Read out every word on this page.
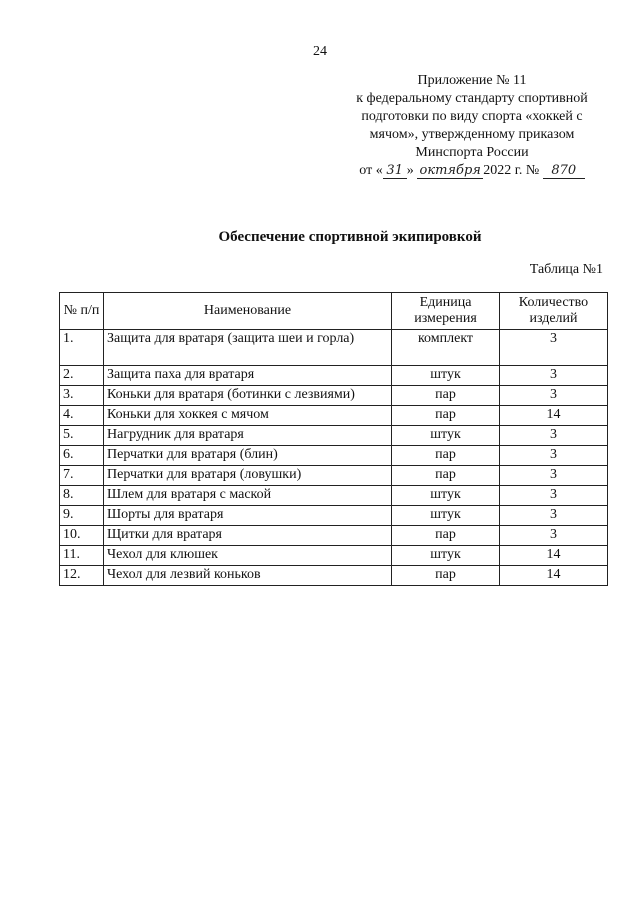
24
Приложение № 11
к федеральному стандарту спортивной
подготовки по виду спорта «хоккей с
мячом», утвержденному приказом
Минспорта России
от « 31 » октября 2022 г. № 870
Обеспечение спортивной экипировкой
Таблица №1
№ п/п	Наименование	Единица измерения	Количество изделий
1.	Защита для вратаря (защита шеи и горла)	комплект	3
2.	Защита паха для вратаря	штук	3
3.	Коньки для вратаря (ботинки с лезвиями)	пар	3
4.	Коньки для хоккея с мячом	пар	14
5.	Нагрудник для вратаря	штук	3
6.	Перчатки для вратаря (блин)	пар	3
7.	Перчатки для вратаря (ловушки)	пар	3
8.	Шлем для вратаря с маской	штук	3
9.	Шорты для вратаря	штук	3
10.	Щитки для вратаря	пар	3
11.	Чехол для клюшек	штук	14
12.	Чехол для лезвий коньков	пар	14
